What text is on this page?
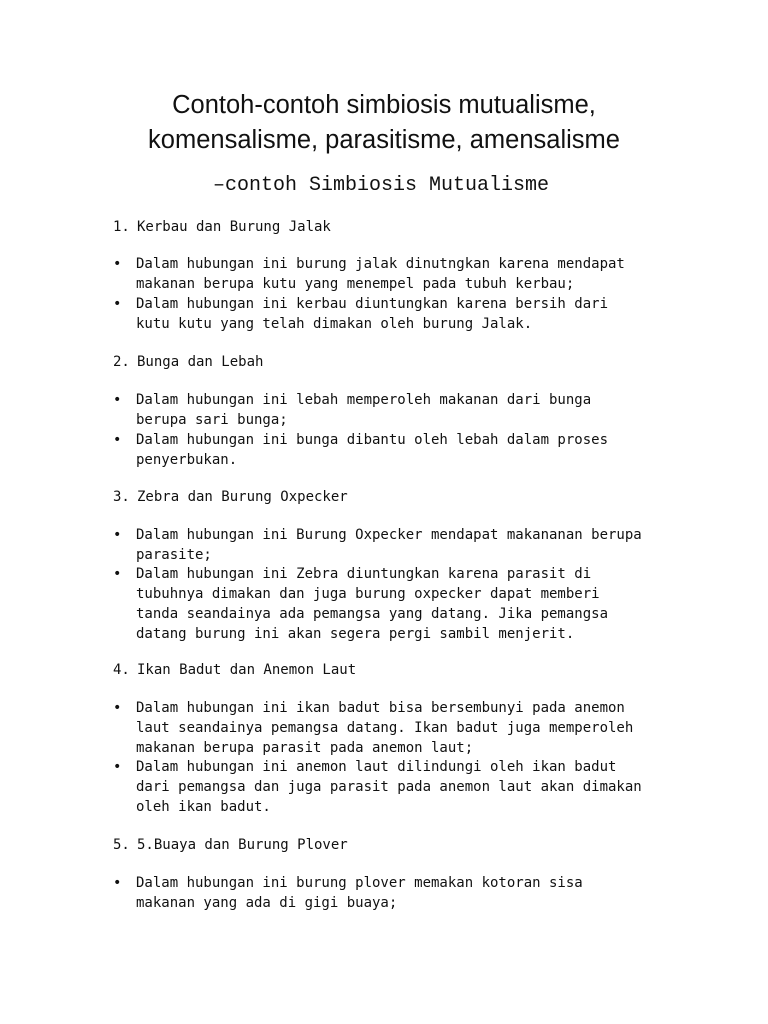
Contoh-contoh simbiosis mutualisme,
komensalisme, parasitisme, amensalisme
–contoh Simbiosis Mutualisme
1. Kerbau dan Burung Jalak
•	Dalam hubungan ini burung jalak dinutngkan karena mendapat
makanan berupa kutu yang menempel pada tubuh kerbau;
•	Dalam hubungan ini kerbau diuntungkan karena bersih dari
kutu kutu yang telah dimakan oleh burung Jalak.
2. Bunga dan Lebah
•	Dalam hubungan ini lebah memperoleh makanan dari bunga
berupa sari bunga;
•	Dalam hubungan ini bunga dibantu oleh lebah dalam proses
penyerbukan.
3. Zebra dan Burung Oxpecker
•	Dalam hubungan ini Burung Oxpecker mendapat makananan berupa
parasite;
•	Dalam hubungan ini Zebra diuntungkan karena parasit di
tubuhnya dimakan dan juga burung oxpecker dapat memberi
tanda seandainya ada pemangsa yang datang. Jika pemangsa
datang burung ini akan segera pergi sambil menjerit.
4. Ikan Badut dan Anemon Laut
•	Dalam hubungan ini ikan badut bisa bersembunyi pada anemon
laut seandainya pemangsa datang. Ikan badut juga memperoleh
makanan berupa parasit pada anemon laut;
•	Dalam hubungan ini anemon laut dilindungi oleh ikan badut
dari pemangsa dan juga parasit pada anemon laut akan dimakan
oleh ikan badut.
5. 5.Buaya dan Burung Plover
•	Dalam hubungan ini burung plover memakan kotoran sisa
makanan yang ada di gigi buaya;
